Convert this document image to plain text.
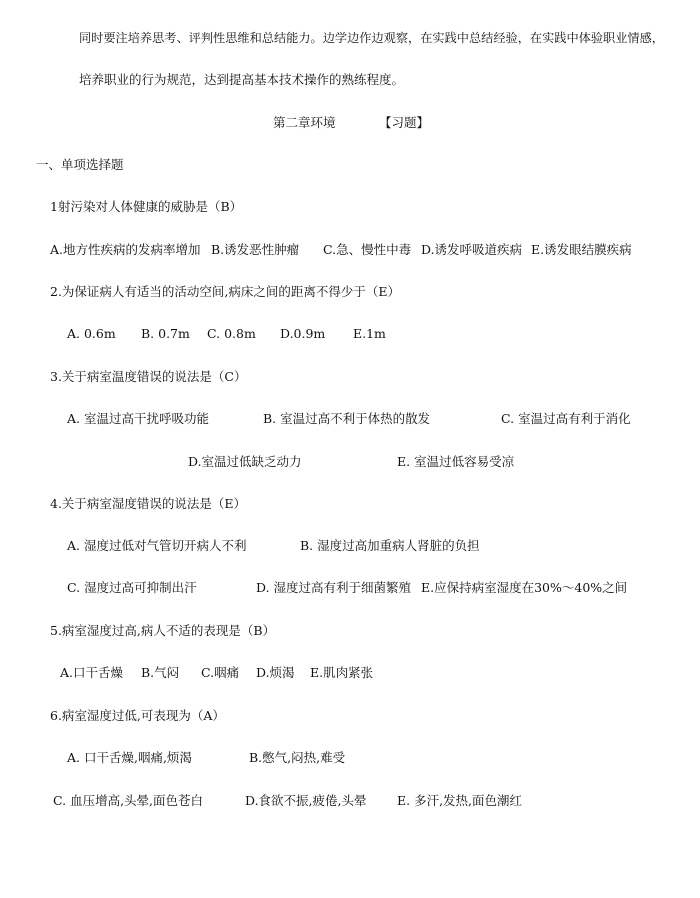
同时要注培养思考、评判性思维和总结能力。边学边作边观察，在实践中总结经验，在实践中体验职业情感，
培养职业的行为规范，达到提高基本技术操作的熟练程度。
第二章环境	【习题】
一、单项选择题
1射污染对人体健康的威胁是（B）
A.地方性疾病的发病率增加 B.诱发恶性肿瘤 C.急、慢性中毒 D.诱发呼吸道疾病 E.诱发眼结膜疾病
2.为保证病人有适当的活动空间,病床之间的距离不得少于（E）
A. 0.6m B. 0.7m C. 0.8m D.0.9m E.1m
3.关于病室温度错误的说法是（C）
A. 室温过高干扰呼吸功能	B. 室温过高不利于体热的散发	C. 室温过高有利于消化
D.室温过低缺乏动力	E. 室温过低容易受凉
4.关于病室湿度错误的说法是（E）
A. 湿度过低对气管切开病人不利	B. 湿度过高加重病人肾脏的负担
C. 湿度过高可抑制出汗	D. 湿度过高有利于细菌繁殖 E.应保持病室湿度在30%～40%之间
5.病室湿度过高,病人不适的表现是（B）
A.口干舌燥 B.气闷 C.咽痛 D.烦渴 E.肌肉紧张
6.病室湿度过低,可表现为（A）
A. 口干舌燥,咽痛,烦渴	B.憋气,闷热,难受
C. 血压增高,头晕,面色苍白	D.食欲不振,疲倦,头晕 E. 多汗,发热,面色潮红
